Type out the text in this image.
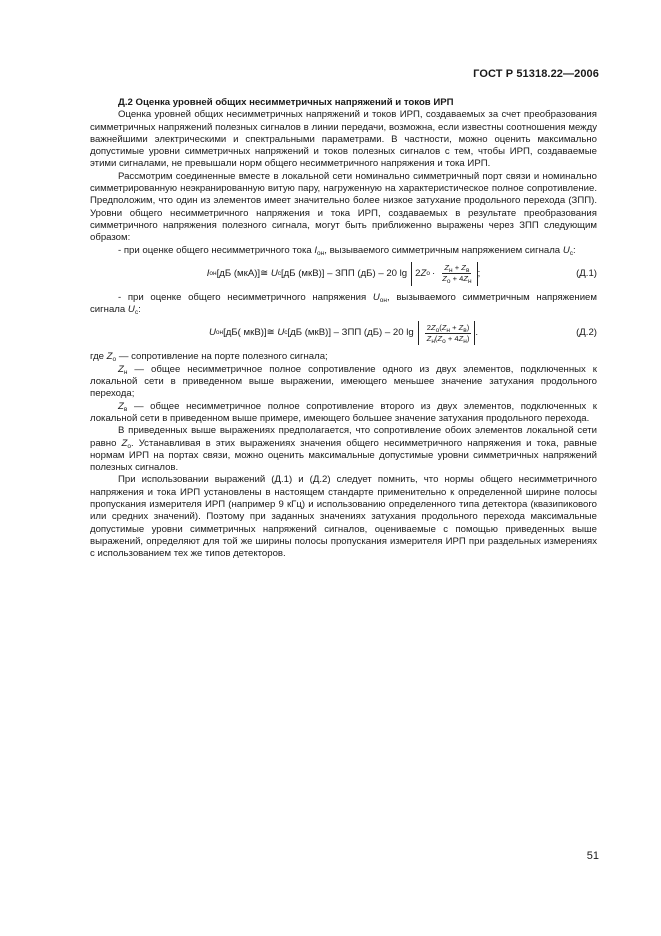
ГОСТ Р 51318.22—2006

Д.2 Оценка уровней общих несимметричных напряжений и токов ИРП

Оценка уровней общих несимметричных напряжений и токов ИРП, создаваемых за счет преобразования симметричных напряжений полезных сигналов в линии передачи, возможна, если известны соотношения между важнейшими электрическими и спектральными параметрами. В частности, можно оценить максимально допустимые уровни симметричных напряжений и токов полезных сигналов с тем, чтобы ИРП, создаваемые этими сигналами, не превышали норм общего несимметричного напряжения и тока ИРП.

Рассмотрим соединенные вместе в локальной сети номинально симметричный порт связи и номинально симметрированную неэкранированную витую пару, нагруженную на характеристическое полное сопротивление. Предположим, что один из элементов имеет значительно более низкое затухание продольного перехода (ЗПП). Уровни общего несимметричного напряжения и тока ИРП, создаваемых в результате преобразования симметричного напряжения полезного сигнала, могут быть приближенно выражены через ЗПП следующим образом:

- при оценке общего несимметричного тока $I_{он}$, вызываемого симметричным напряжением сигнала $U_с$:

I он [дБ (мкА)] ≅
U с [дБ (мкВ)] – ЗПП (дБ) – 20 lg 2 Z $о \cdot \frac{Zн + Zв}{Zо + 4Zн}$ ;	(Д.1)

- при оценке общего несимметричного напряжения $U_{он}$, вызываемого симметричным напряжением сигнала $U_с$:

U он [дБ( мкВ)] ≅
U с [дБ (мкВ)] – ЗПП (дБ) – 20 $\lg \frac{2Zо(Zн + Zв)}{Zн(Zо + 4Zн)}$ .	(Д.2)

где $Z_о$ — сопротивление на порте полезного сигнала;

$Z_н$ — общее несимметричное полное сопротивление одного из двух элементов, подключенных к локальной сети в приведенном выше выражении, имеющего меньшее значение затухания продольного перехода;

$Z_в$ — общее несимметричное полное сопротивление второго из двух элементов, подключенных к локальной сети в приведенном выше примере, имеющего большее значение затухания продольного перехода.

В приведенных выше выражениях предполагается, что сопротивление обоих элементов локальной сети равно $Z_о$. Устанавливая в этих выражениях значения общего несимметричного напряжения и тока, равные нормам ИРП на портах связи, можно оценить максимальные допустимые уровни симметричных напряжений полезных сигналов.

При использовании выражений (Д.1) и (Д.2) следует помнить, что нормы общего несимметричного напряжения и тока ИРП установлены в настоящем стандарте применительно к определенной ширине полосы пропускания измерителя ИРП (например 9 кГц) и использованию определенного типа детектора (квазипикового или средних значений). Поэтому при заданных значениях затухания продольного перехода максимальные допустимые уровни симметричных напряжений сигналов, оцениваемые с помощью приведенных выше выражений, определяют для той же ширины полосы пропускания измерителя ИРП при раздельных измерениях с использованием тех же типов детекторов.

51
